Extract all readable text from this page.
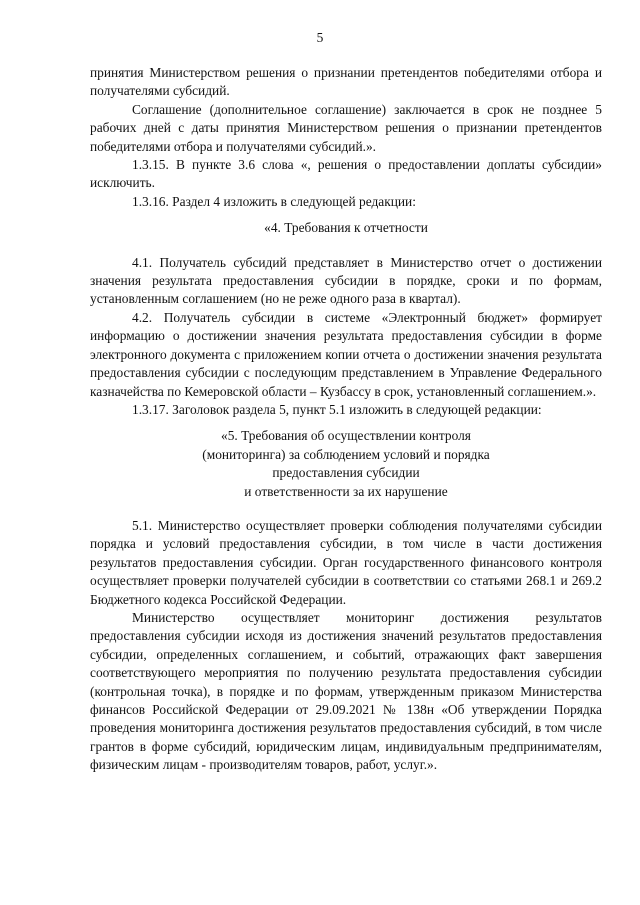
5

принятия Министерством решения о признании претендентов победителями отбора и получателями субсидий.

Соглашение (дополнительное соглашение) заключается в срок не позднее 5 рабочих дней с даты принятия Министерством решения о признании претендентов победителями отбора и получателями субсидий.».

1.3.15. В пункте 3.6 слова «, решения о предоставлении доплаты субсидии» исключить.

1.3.16. Раздел 4 изложить в следующей редакции:

«4. Требования к отчетности

4.1. Получатель субсидий представляет в Министерство отчет о достижении значения результата предоставления субсидии в порядке, сроки и по формам, установленным соглашением (но не реже одного раза в квартал).

4.2. Получатель субсидии в системе «Электронный бюджет» формирует информацию о достижении значения результата предоставления субсидии в форме электронного документа с приложением копии отчета о достижении значения результата предоставления субсидии с последующим представлением в Управление Федерального казначейства по Кемеровской области – Кузбассу в срок, установленный соглашением.».

1.3.17. Заголовок раздела 5, пункт 5.1 изложить в следующей редакции:

«5. Требования об осуществлении контроля

(мониторинга) за соблюдением условий и порядка

предоставления субсидии

и ответственности за их нарушение

5.1. Министерство осуществляет проверки соблюдения получателями субсидии порядка и условий предоставления субсидии, в том числе в части достижения результатов предоставления субсидии. Орган государственного финансового контроля осуществляет проверки получателей субсидии в соответствии со статьями 268.1 и 269.2 Бюджетного кодекса Российской Федерации.

Министерство осуществляет мониторинг достижения результатов предоставления субсидии исходя из достижения значений результатов предоставления субсидии, определенных соглашением, и событий, отражающих факт завершения соответствующего мероприятия по получению результата предоставления субсидии (контрольная точка), в порядке и по формам, утвержденным приказом Министерства финансов Российской Федерации от 29.09.2021 № 138н «Об утверждении Порядка проведения мониторинга достижения результатов предоставления субсидий, в том числе грантов в форме субсидий, юридическим лицам, индивидуальным предпринимателям, физическим лицам - производителям товаров, работ, услуг.».
